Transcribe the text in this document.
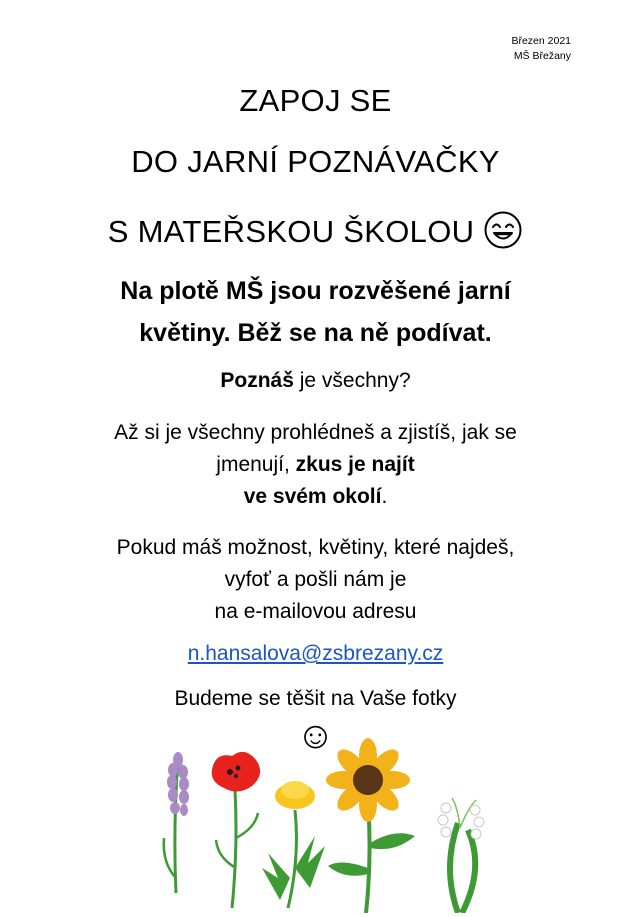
Březen 2021
MŠ Břežany
ZAPOJ SE
DO JARNÍ POZNÁVAČKY
S MATEŘSKOU ŠKOLOU
Na plotě MŠ jsou rozvěšené jarní
květiny. Běž se na ně podívat.
Poznáš je všechny?
Až si je všechny prohlédneš a zjistíš, jak se
jmenují, zkus je najít
ve svém okolí.
Pokud máš možnost, květiny, které najdeš,
vyfoť a pošli nám je
na e-mailovou adresu
n.hansalova@zsbrezany.cz
Budeme se těšit na Vaše fotky
☺
